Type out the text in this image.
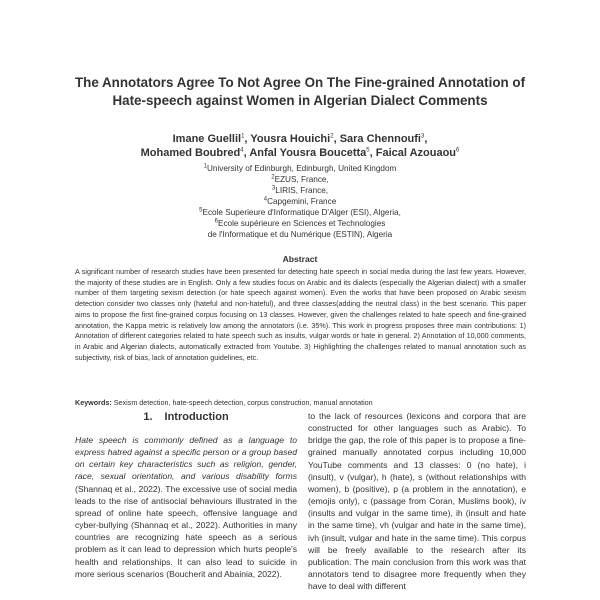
The Annotators Agree To Not Agree On The Fine-grained Annotation of Hate-speech against Women in Algerian Dialect Comments
Imane Guellil$^1$, Yousra Houichi$^2$, Sara Chennoufi$^3$,
Mohamed Boubred$^4$, Anfal Yousra Boucetta$^5$, Faical Azouaou$^6$
$^1$University of Edinburgh, Edinburgh, United Kingdom
$^2$EZUS, France,
$^3$LIRIS, France,
$^4$Capgemini, France
$^5$Ecole Superieure d'Informatique D'Alger (ESI), Algeria,
$^6$Ecole supérieure en Sciences et Technologies
de l'Informatique et du Numérique (ESTIN), Algeria
Abstract
A significant number of research studies have been presented for detecting hate speech in social media during the last few years. However, the majority of these studies are in English. Only a few studies focus on Arabic and its dialects (especially the Algerian dialect) with a smaller number of them targeting sexism detection (or hate speech against women). Even the works that have been proposed on Arabic sexism detection consider two classes only (hateful and non-hateful), and three classes(adding the neutral class) in the best scenario. This paper aims to propose the first fine-grained corpus focusing on 13 classes. However, given the challenges related to hate speech and fine-grained annotation, the Kappa metric is relatively low among the annotators (i.e. 35%). This work in progress proposes three main contributions: 1) Annotation of different categories related to hate speech such as insults, vulgar words or hate in general. 2) Annotation of 10,000 comments, in Arabic and Algerian dialects, automatically extracted from Youtube. 3) Highlighting the challenges related to manual annotation such as subjectivity, risk of bias, lack of annotation guidelines, etc.
Keywords: Sexism detection, hate-speech detection, corpus construction, manual annotation
1. Introduction

Hate speech is commonly defined as a language to express hatred against a specific person or a group based on certain key characteristics such as religion, gender, race, sexual orientation, and various disability forms (Shannaq et al., 2022). The excessive use of social media leads to the rise of antisocial behaviours illustrated in the spread of online hate speech, offensive language and cyber-bullying (Shannaq et al., 2022). Authorities in many countries are recognizing hate speech as a serious problem as it can lead to depression which hurts people's health and relationships. It can also lead to suicide in more serious scenarios (Boucherit and Abainia, 2022).

to the lack of resources (lexicons and corpora that are constructed for other languages such as Arabic). To bridge the gap, the role of this paper is to propose a fine-grained manually annotated corpus including 10,000 YouTube comments and 13 classes: 0 (no hate), i (insult), v (vulgar), h (hate), s (without relationships with women), b (positive), p (a problem in the annotation), e (emojis only), c (passage from Coran, Muslims book), iv (insults and vulgar in the same time), ih (insult and hate in the same time), vh (vulgar and hate in the same time), ivh (insult, vulgar and hate in the same time). This corpus will be freely available to the research after its publication. The main conclusion from this work was that annotators tend to disagree more frequently when they have to deal with different
